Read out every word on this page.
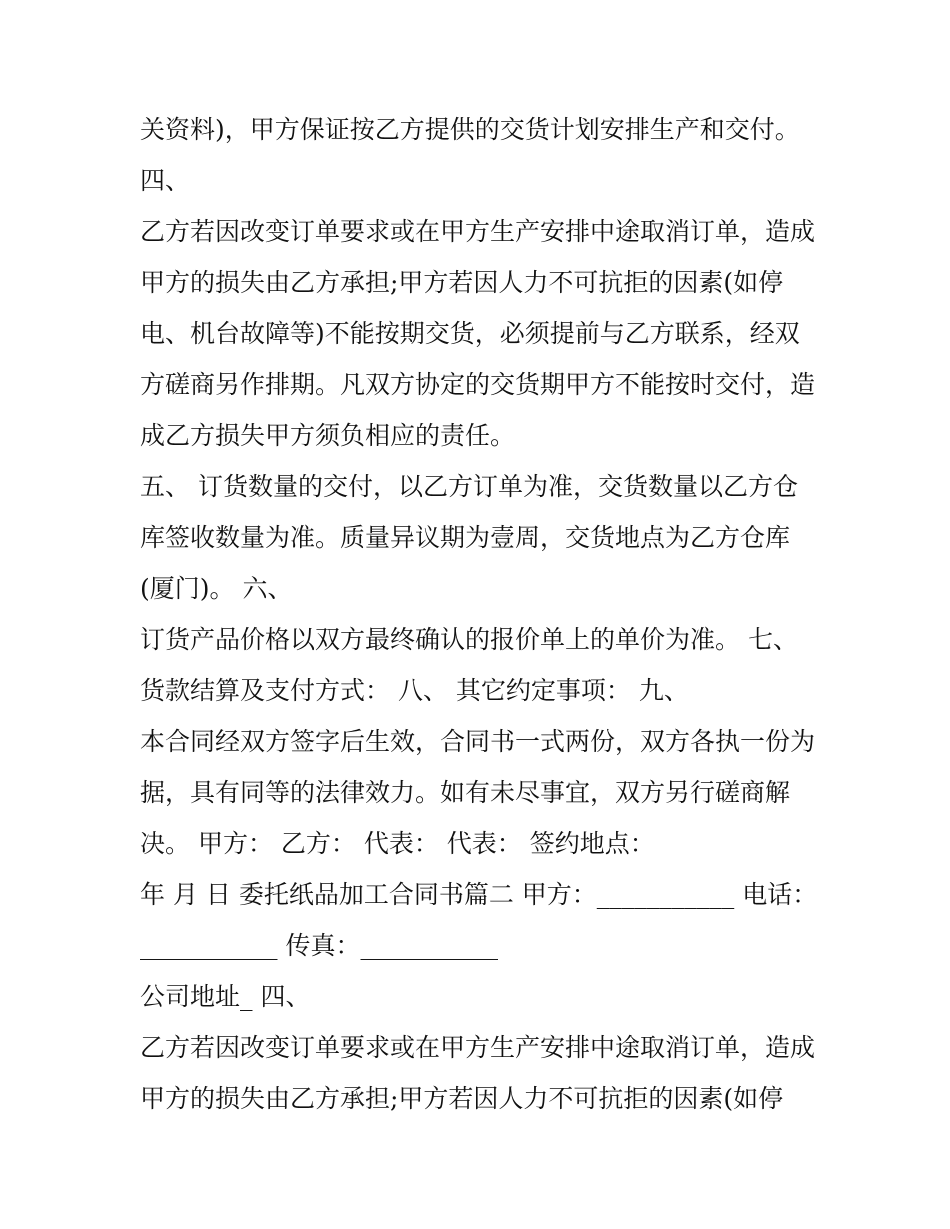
关资料)，甲方保证按乙方提供的交货计划安排生产和交付。
四、
乙方若因改变订单要求或在甲方生产安排中途取消订单，造成
甲方的损失由乙方承担;甲方若因人力不可抗拒的因素(如停
电、机台故障等)不能按期交货，必须提前与乙方联系，经双
方磋商另作排期。凡双方协定的交货期甲方不能按时交付，造
成乙方损失甲方须负相应的责任。
五、 订货数量的交付，以乙方订单为准，交货数量以乙方仓
库签收数量为准。质量异议期为壹周，交货地点为乙方仓库
(厦门)。 六、
订货产品价格以双方最终确认的报价单上的单价为准。 七、
货款结算及支付方式： 八、 其它约定事项： 九、
本合同经双方签字后生效，合同书一式两份，双方各执一份为
据，具有同等的法律效力。如有未尽事宜，双方另行磋商解
决。 甲方： 乙方： 代表： 代表： 签约地点：
年 月 日 委托纸品加工合同书篇二 甲方：___________ 电话：
___________ 传真：___________
公司地址_ 四、
乙方若因改变订单要求或在甲方生产安排中途取消订单，造成
甲方的损失由乙方承担;甲方若因人力不可抗拒的因素(如停
